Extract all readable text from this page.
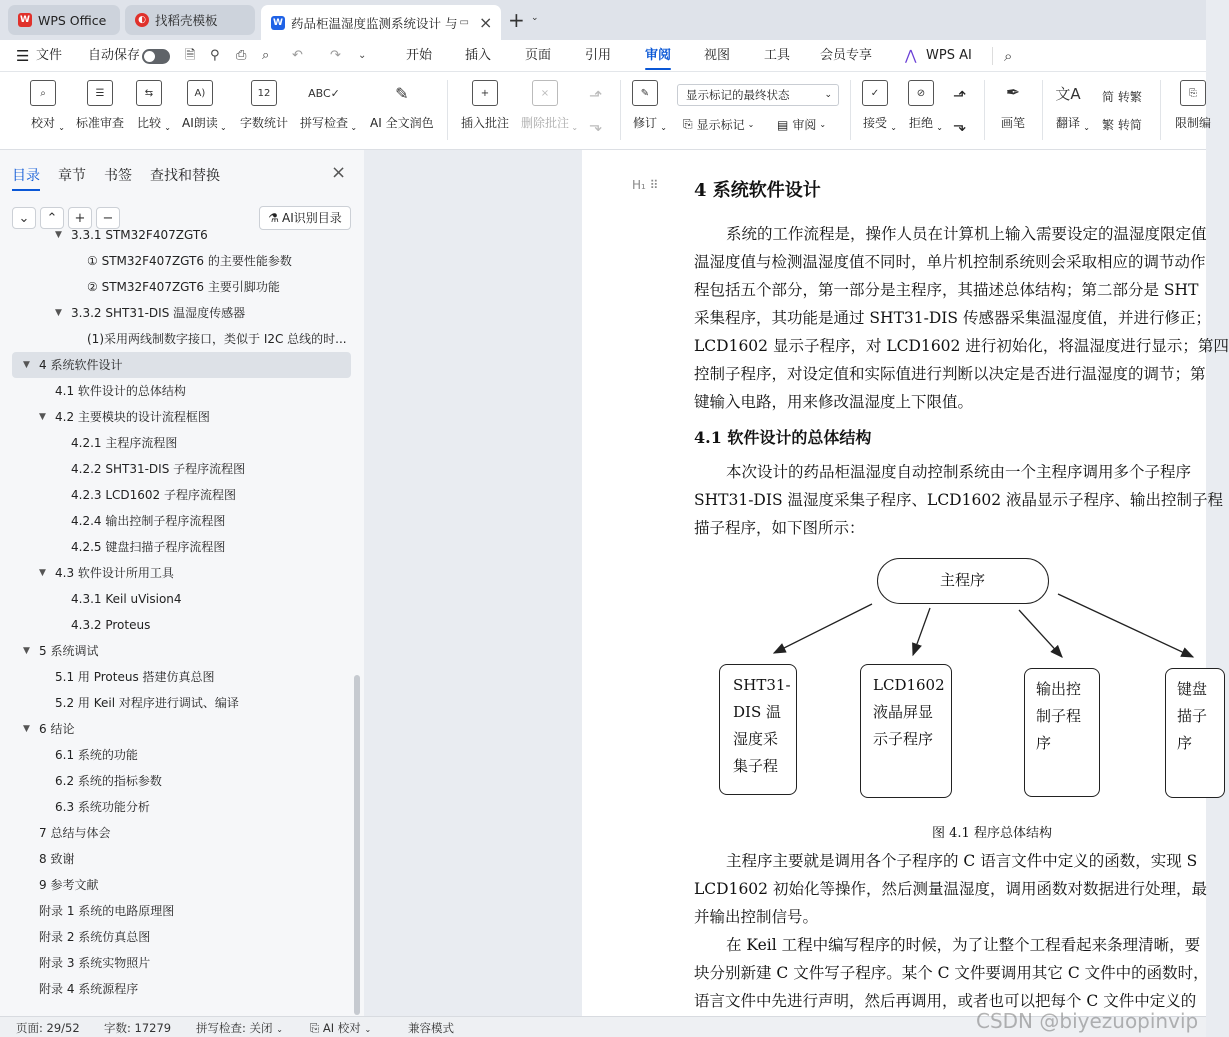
W WPS Office	◐ 找稻壳模板	W 药品柜温湿度监测系统设计 与 ▭ × + ⌄
☰ 文件 自动保存	🗎 ⚲ ⎙ ⌕ ↶ ↷ ⌄	开始	插入	页面	引用	审阅	视图	工具 会员专享 ⋀ WPS AI ⌕
⌕
校对 ⌄
☰
标准审查
⇆
比较 ⌄
A)
AI朗读 ⌄
12
字数统计
ABC✓
拼写检查 ⌄
✎
AI 全文润色
+
插入批注
×
删除批注 ⌄
⬏
⬎
✎
修订 ⌄
显示标记的最终状态	⌄
⎘ 显示标记 ⌄ ▤ 审阅 ⌄
✓
接受 ⌄
⊘
拒绝 ⌄
⬏
⬎
✒
画笔
文A
翻译 ⌄
简 转繁
繁 转简
⎘
限制编
目录 章节 书签 查找和替换	×
⌄	⌃	+	−	⚗ AI识别目录
▼ 3.3.1 STM32F407ZGT6
① STM32F407ZGT6 的主要性能参数
② STM32F407ZGT6 主要引脚功能
▼ 3.3.2 SHT31-DIS 温湿度传感器
(1)采用两线制数字接口，类似于 I2C 总线的时...
▼ 4 系统软件设计
4.1 软件设计的总体结构
▼ 4.2 主要模块的设计流程框图
4.2.1 主程序流程图
4.2.2 SHT31-DIS 子程序流程图
4.2.3 LCD1602 子程序流程图
4.2.4 输出控制子程序流程图
4.2.5 键盘扫描子程序流程图
▼ 4.3 软件设计所用工具
4.3.1 Keil uVision4
4.3.2 Proteus
▼ 5 系统调试
5.1 用 Proteus 搭建仿真总图
5.2 用 Keil 对程序进行调试、编译
▼ 6 结论
6.1 系统的功能
6.2 系统的指标参数
6.3 系统功能分析
7 总结与体会
8 致谢
9 参考文献
附录 1 系统的电路原理图
附录 2 系统仿真总图
附录 3 系统实物照片
附录 4 系统源程序
H₁ ⠿ 4 系统软件设计
系统的工作流程是，操作人员在计算机上输入需要设定的温湿度限定值
温湿度值与检测温湿度值不同时，单片机控制系统则会采取相应的调节动作
程包括五个部分，第一部分是主程序，其描述总体结构；第二部分是 SHT
采集程序，其功能是通过 SHT31-DIS 传感器采集温湿度值，并进行修正；
LCD1602 显示子程序，对 LCD1602 进行初始化，将温湿度进行显示；第四
控制子程序，对设定值和实际值进行判断以决定是否进行温湿度的调节；第
键输入电路，用来修改温湿度上下限值。
4.1 软件设计的总体结构
本次设计的药品柜温湿度自动控制系统由一个主程序调用多个子程序
SHT31-DIS 温湿度采集子程序、LCD1602 液晶显示子程序、输出控制子程
描子程序，如下图所示：
主程序
SHT31-
DIS 温
湿度采
集子程
LCD1602
液晶屏显
示子程序
输出控
制子程
序
键盘
描子
序
图 4.1 程序总体结构
主程序主要就是调用各个子程序的 C 语言文件中定义的函数，实现 S
LCD1602 初始化等操作，然后测量温湿度，调用函数对数据进行处理，最
并输出控制信号。
在 Keil 工程中编写程序的时候，为了让整个工程看起来条理清晰，要
块分别新建 C 文件写子程序。某个 C 文件要调用其它 C 文件中的函数时，
语言文件中先进行声明，然后再调用，或者也可以把每个 C 文件中定义的
页面: 29/52 字数: 17279 拼写检查: 关闭 ⌄ ⎘ AI 校对 ⌄	兼容模式	CSDN @biyezuopinvip
